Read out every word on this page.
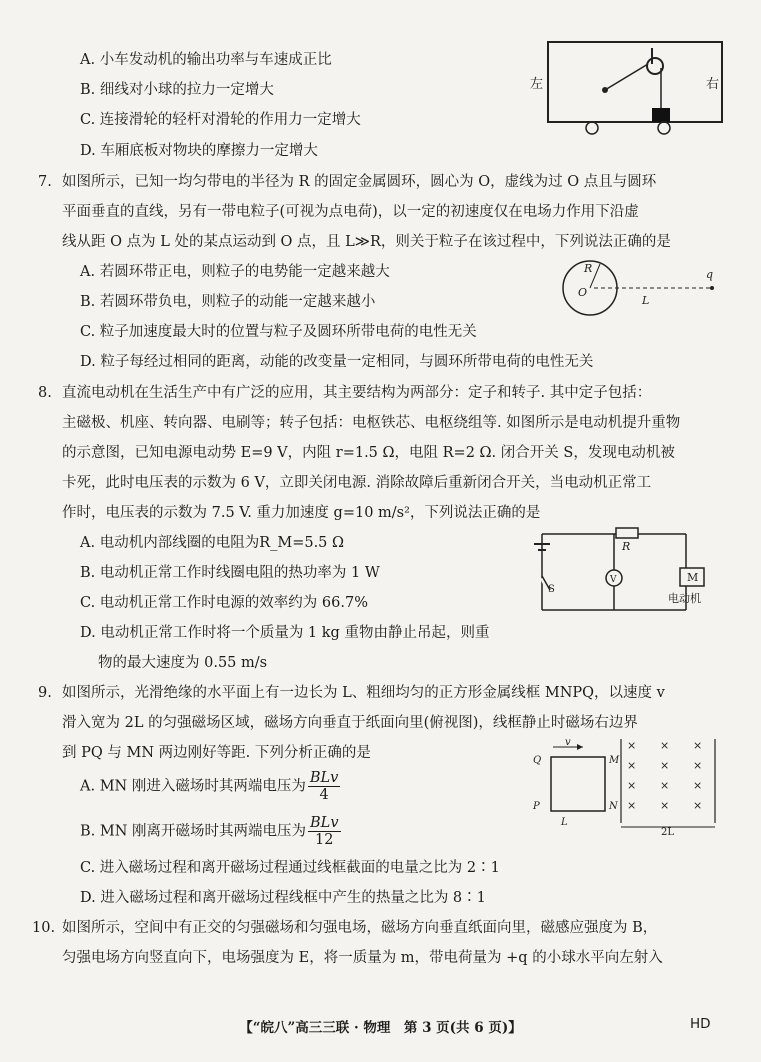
A. 小车发动机的输出功率与车速成正比
B. 细线对小球的拉力一定增大
C. 连接滑轮的轻杆对滑轮的作用力一定增大
D. 车厢底板对物块的摩擦力一定增大
左	右
7. 如图所示，已知一均匀带电的半径为 R 的固定金属圆环，圆心为 O，虚线为过 O 点且与圆环
平面垂直的直线，另有一带电粒子(可视为点电荷)，以一定的初速度仅在电场力作用下沿虚
线从距 O 点为 L 处的某点运动到 O 点，且 L≫R，则关于粒子在该过程中，下列说法正确的是
A. 若圆环带正电，则粒子的电势能一定越来越大
B. 若圆环带负电，则粒子的动能一定越来越小
C. 粒子加速度最大时的位置与粒子及圆环所带电荷的电性无关
D. 粒子每经过相同的距离，动能的改变量一定相同，与圆环所带电荷的电性无关
R
O
L
q
8. 直流电动机在生活生产中有广泛的应用，其主要结构为两部分：定子和转子. 其中定子包括：
主磁极、机座、转向器、电刷等；转子包括：电枢铁芯、电枢绕组等. 如图所示是电动机提升重物
的示意图，已知电源电动势 E=9 V，内阻 r=1.5 Ω，电阻 R=2 Ω. 闭合开关 S，发现电动机被
卡死，此时电压表的示数为 6 V，立即关闭电源. 消除故障后重新闭合开关，当电动机正常工
作时，电压表的示数为 7.5 V. 重力加速度 g=10 m/s²，下列说法正确的是
A. 电动机内部线圈的电阻为R_M=5.5 Ω
B. 电动机正常工作时线圈电阻的热功率为 1 W
C. 电动机正常工作时电源的效率约为 66.7%
D. 电动机正常工作时将一个质量为 1 kg 重物由静止吊起，则重
物的最大速度为 0.55 m/s
R
V
S
M
电动机
9. 如图所示，光滑绝缘的水平面上有一边长为 L、粗细均匀的正方形金属线框 MNPQ，以速度 v
滑入宽为 2L 的匀强磁场区域，磁场方向垂直于纸面向里(俯视图)，线框静止时磁场右边界
到 PQ 与 MN 两边刚好等距. 下列分析正确的是
A. MN 刚进入磁场时其两端电压为 $\frac{\text{BLv}}{4}$
B. MN 刚离开磁场时其两端电压为 $\frac{\text{BLv}}{12}$
C. 进入磁场过程和离开磁场过程通过线框截面的电量之比为 2∶1
D. 进入磁场过程和离开磁场过程线框中产生的热量之比为 8∶1
× × ×
× × ×
× × ×
× × ×
v
Q	M
P	N
L
2L
10. 如图所示，空间中有正交的匀强磁场和匀强电场，磁场方向垂直纸面向里，磁感应强度为 B，
匀强电场方向竖直向下，电场强度为 E，将一质量为 m，带电荷量为 +q 的小球水平向左射入
【“皖八”高三三联 · 物理　第 3 页(共 6 页)】	HD
